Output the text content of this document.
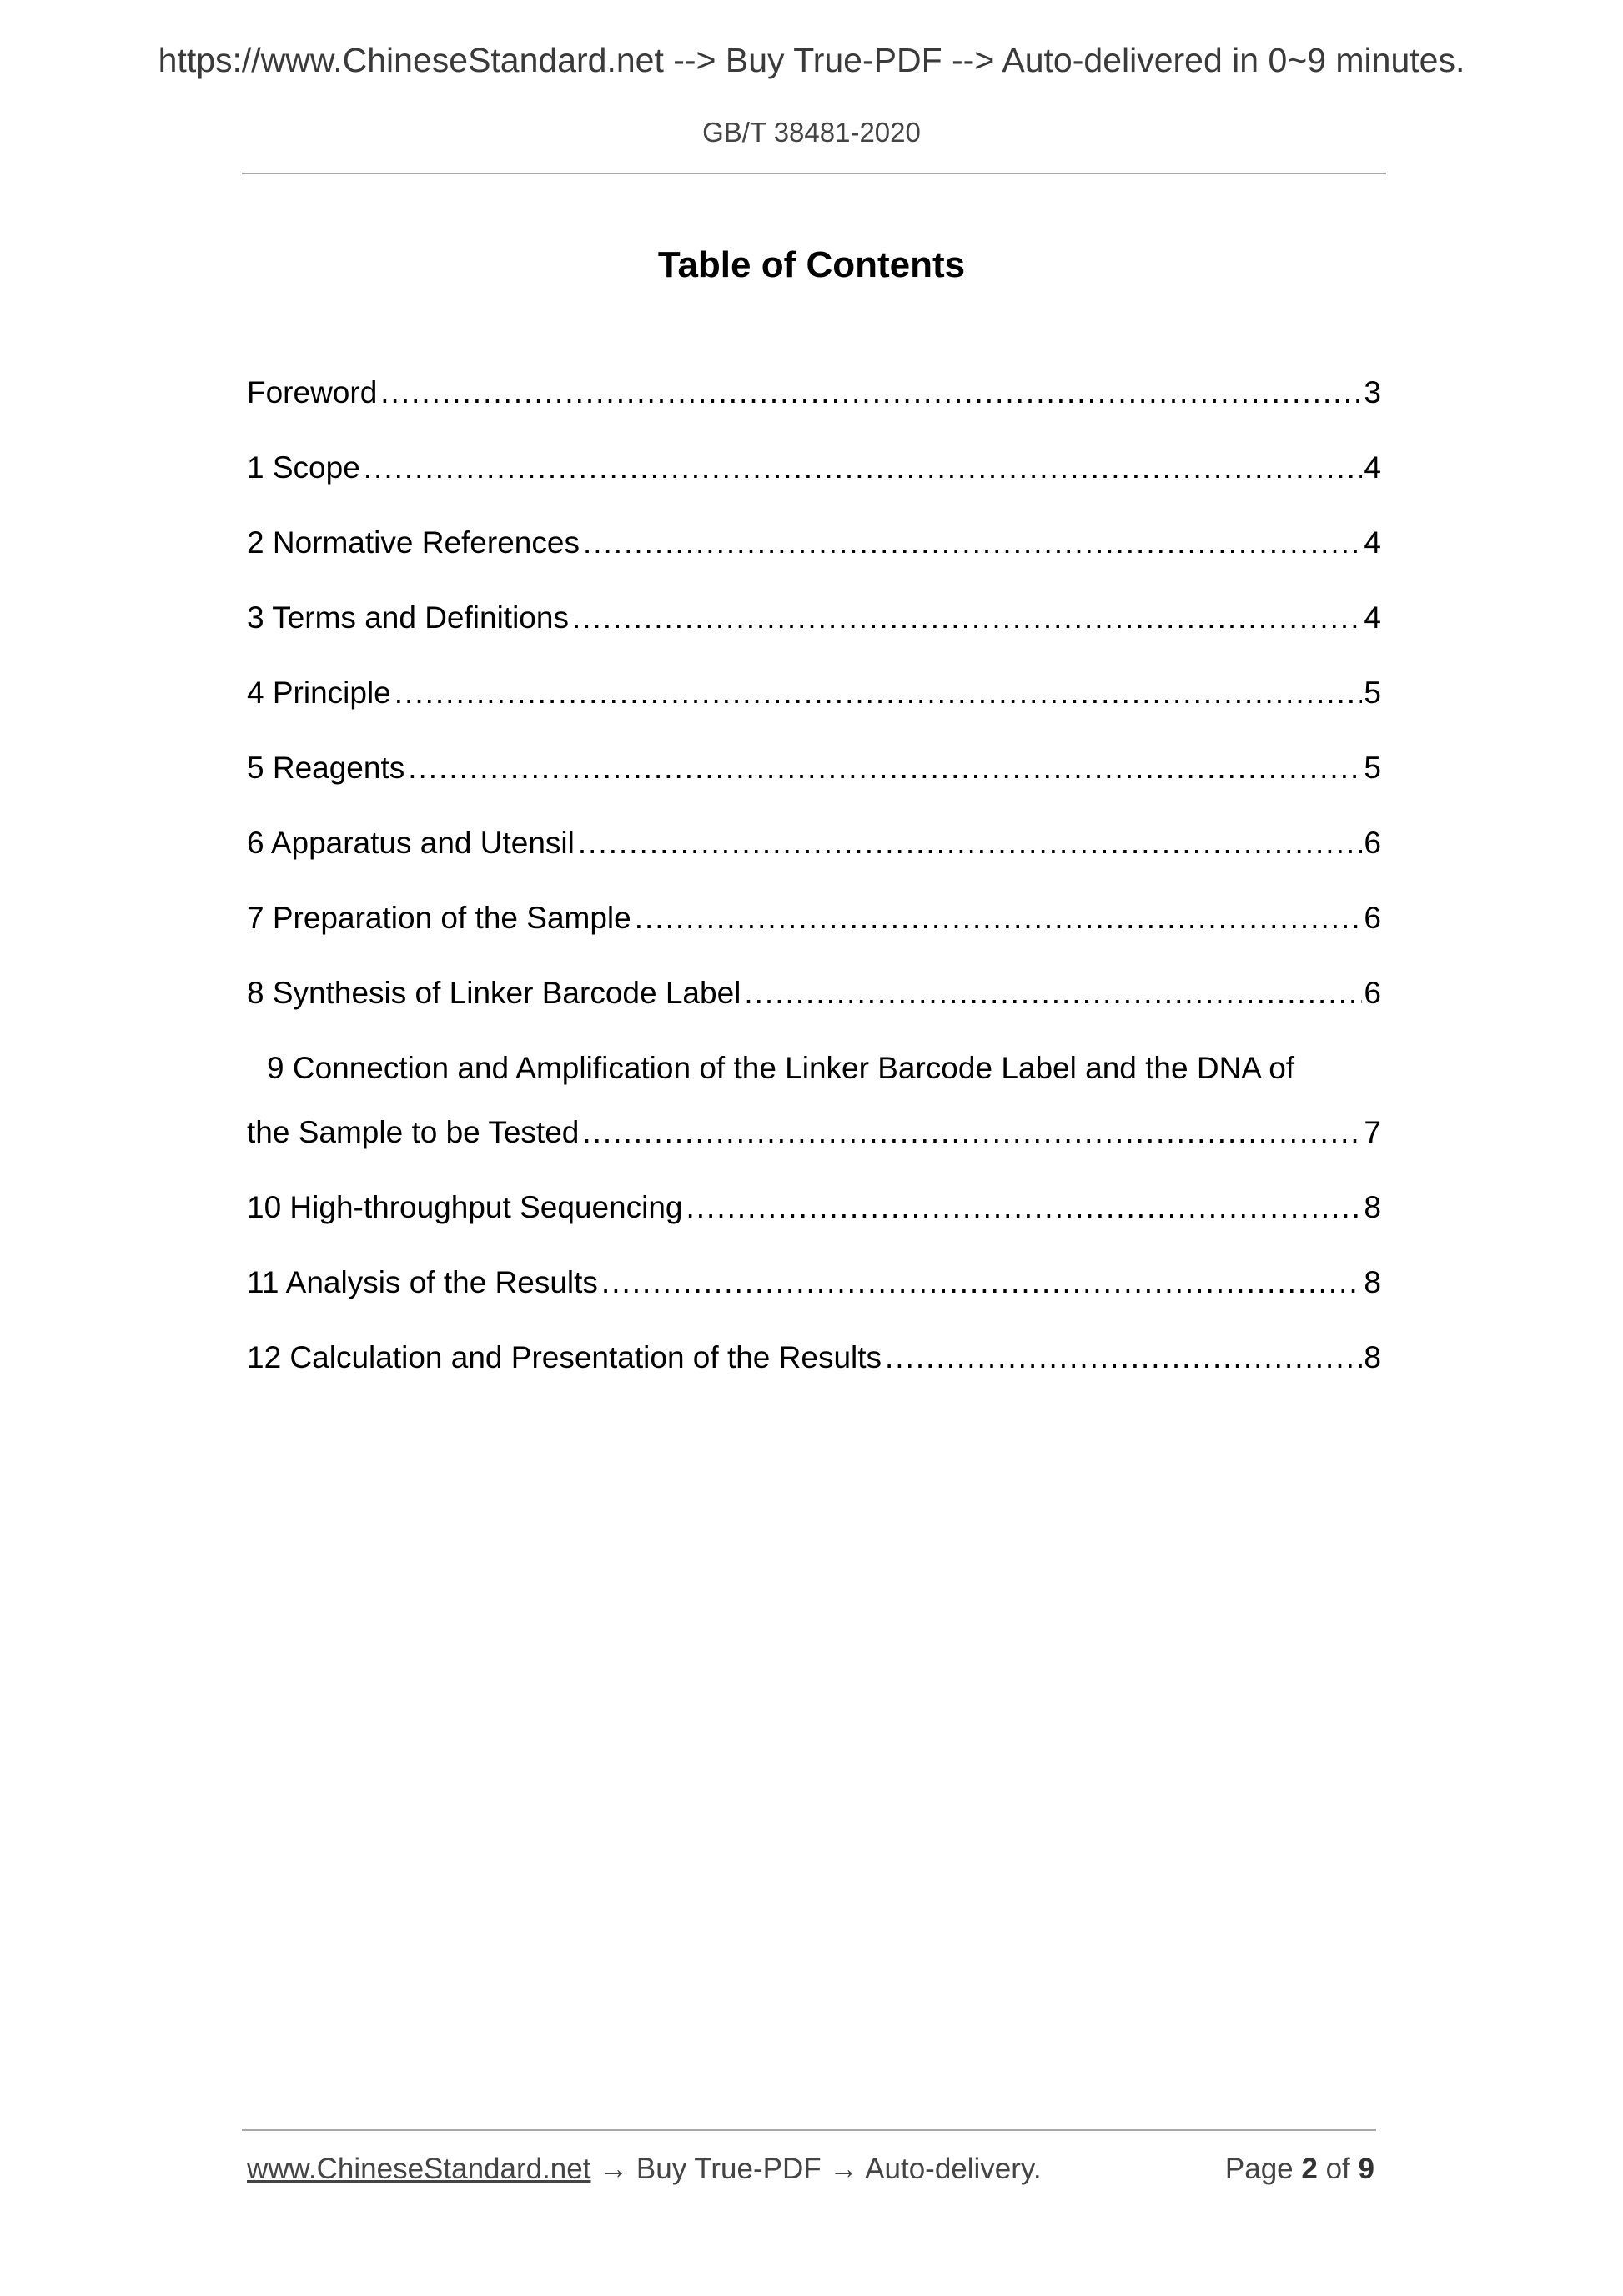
https://www.ChineseStandard.net --> Buy True-PDF --> Auto-delivered in 0~9 minutes.
GB/T 38481-2020
Table of Contents
Foreword .....	3
1 Scope .....	4
2 Normative References .....	4
3 Terms and Definitions .....	4
4 Principle .....	5
5 Reagents .....	5
6 Apparatus and Utensil .....	6
7 Preparation of the Sample .....	6
8 Synthesis of Linker Barcode Label .....	6
9 Connection and Amplification of the Linker Barcode Label and the DNA of
the Sample to be Tested .....	7
10 High-throughput Sequencing .....	8
11 Analysis of the Results .....	8
12 Calculation and Presentation of the Results .....	8
www.ChineseStandard.net → Buy True-PDF → Auto-delivery.	Page 2 of 9
